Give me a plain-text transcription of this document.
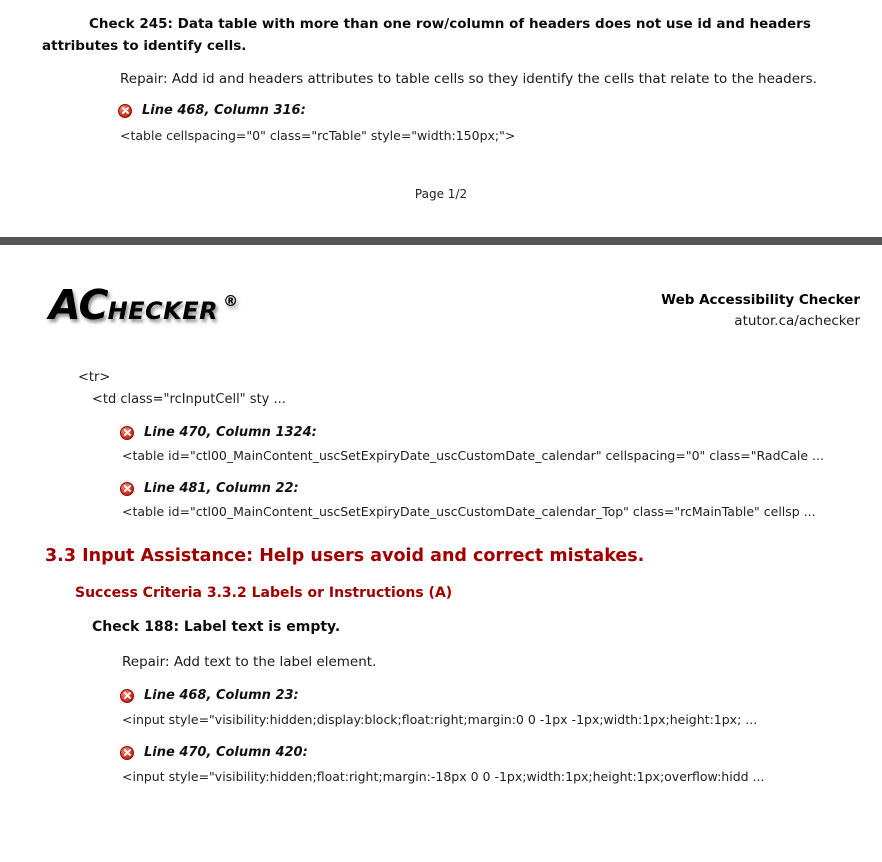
Check 245: Data table with more than one row/column of headers does not use id and headers attributes to identify cells.
Repair: Add id and headers attributes to table cells so they identify the cells that relate to the headers.
Line 468, Column 316:
<table cellspacing="0" class="rcTable" style="width:150px;">
Page 1/2
ACHECKER ®	Web Accessibility Checker
atutor.ca/achecker
<tr>
<td class="rcInputCell" sty ...
Line 470, Column 1324:
<table id="ctl00_MainContent_uscSetExpiryDate_uscCustomDate_calendar" cellspacing="0" class="RadCale ...
Line 481, Column 22:
<table id="ctl00_MainContent_uscSetExpiryDate_uscCustomDate_calendar_Top" class="rcMainTable" cellsp ...
3.3 Input Assistance: Help users avoid and correct mistakes.
Success Criteria 3.3.2 Labels or Instructions (A)
Check 188: Label text is empty.
Repair: Add text to the label element.
Line 468, Column 23:
<input style="visibility:hidden;display:block;float:right;margin:0 0 -1px -1px;width:1px;height:1px; ...
Line 470, Column 420:
<input style="visibility:hidden;float:right;margin:-18px 0 0 -1px;width:1px;height:1px;overflow:hidd ...
